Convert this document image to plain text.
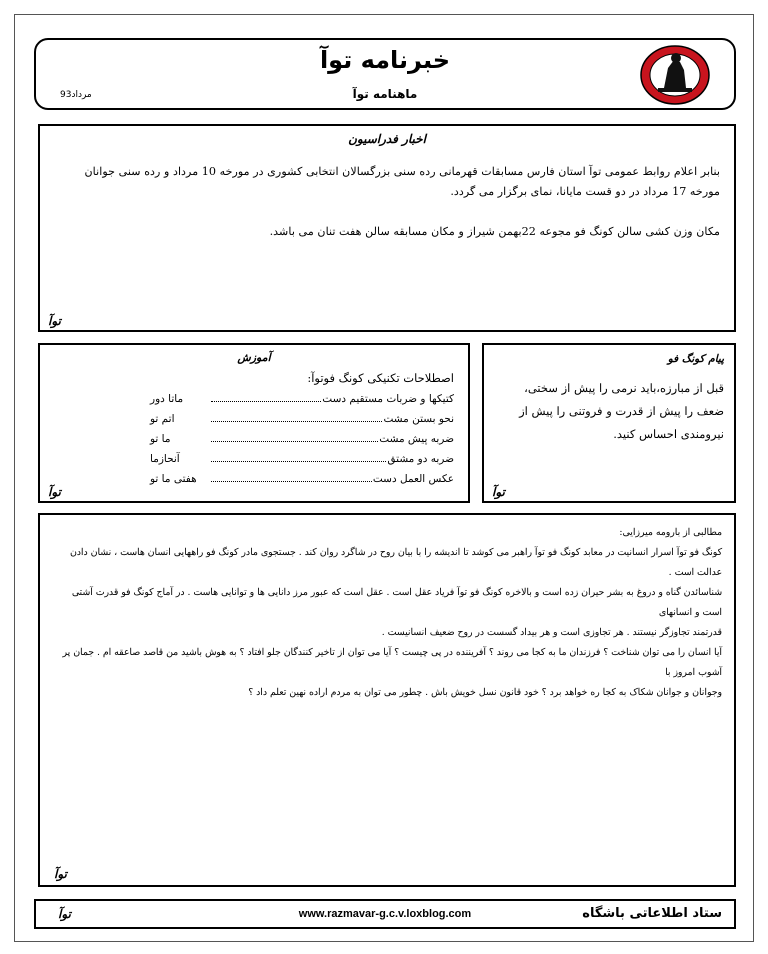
مرداد93
خبرنامه توآ
ماهنامه توآ
اخبار فدراسیون
بنابر اعلام روابط عمومی توآ استان فارس مسابقات قهرمانی رده سنی بزرگسالان انتخابی کشوری در مورخه 10 مرداد و رده سنی جوانان مورخه 17 مرداد در دو قست مایانا، نمای برگزار می گردد.
مکان وزن کشی سالن کونگ فو مجوعه 22بهمن شیراز و مکان مسابقه سالن هفت تنان می باشد.
توآ
آموزش
اصطلاحات تکنیکی کونگ فوتوآ:
کتیکها و ضربات مستقیم دست
ماتا دور
نحو بستن مشت
اتم تو
ضربه پیش مشت
ما تو
ضربه دو مشتق
آنحازما
عکس العمل دست
هفتی ما تو
توآ
پیام کونگ فو
قبل از مبارزه،باید نرمی را پیش از سختی، ضعف را پیش از قدرت و فروتنی را پیش از نیرومندی احساس کنید.
توآ
مطالبی از بارومه میرزایی:
کونگ فو توآ اسرار انسانیت در معابد کونگ فو توآ راهبر می کوشد تا اندیشه را با بیان روح در شاگرد روان کند . جستجوی مادر کونگ فو راههایی انسان هاست ، نشان دادن عدالت است .
شناسائدن گناه و دروغ به بشر حیران زده است و بالاخره کونگ فو توآ فریاد عقل است . عقل است که عبور مرز دانایی ها و توانایی هاست . در آماج کونگ فو قدرت آشتی است و انسانهای
قدرتمند تجاوزگر نیستند . هر تجاوزی است و هر بیداد گسست در روح ضعیف انسانیست .
آیا انسان را می توان شناخت ؟ فرزندان ما به کجا می روند ؟ آفریننده در پی چیست ؟ آیا می توان از تاخیر کنندگان جلو افتاد ؟ به هوش باشید من قاصد صاعقه ام . جمان پر آشوب امروز با
وجوانان و جوانان شکاک به کجا ره خواهد برد ؟ خود قانون نسل خویش باش . چطور می توان به مردم اراده نهین تعلم داد ؟
توآ
توآ	www.razmavar-g.c.v.loxblog.com	ستاد اطلاعاتی باشگاه
